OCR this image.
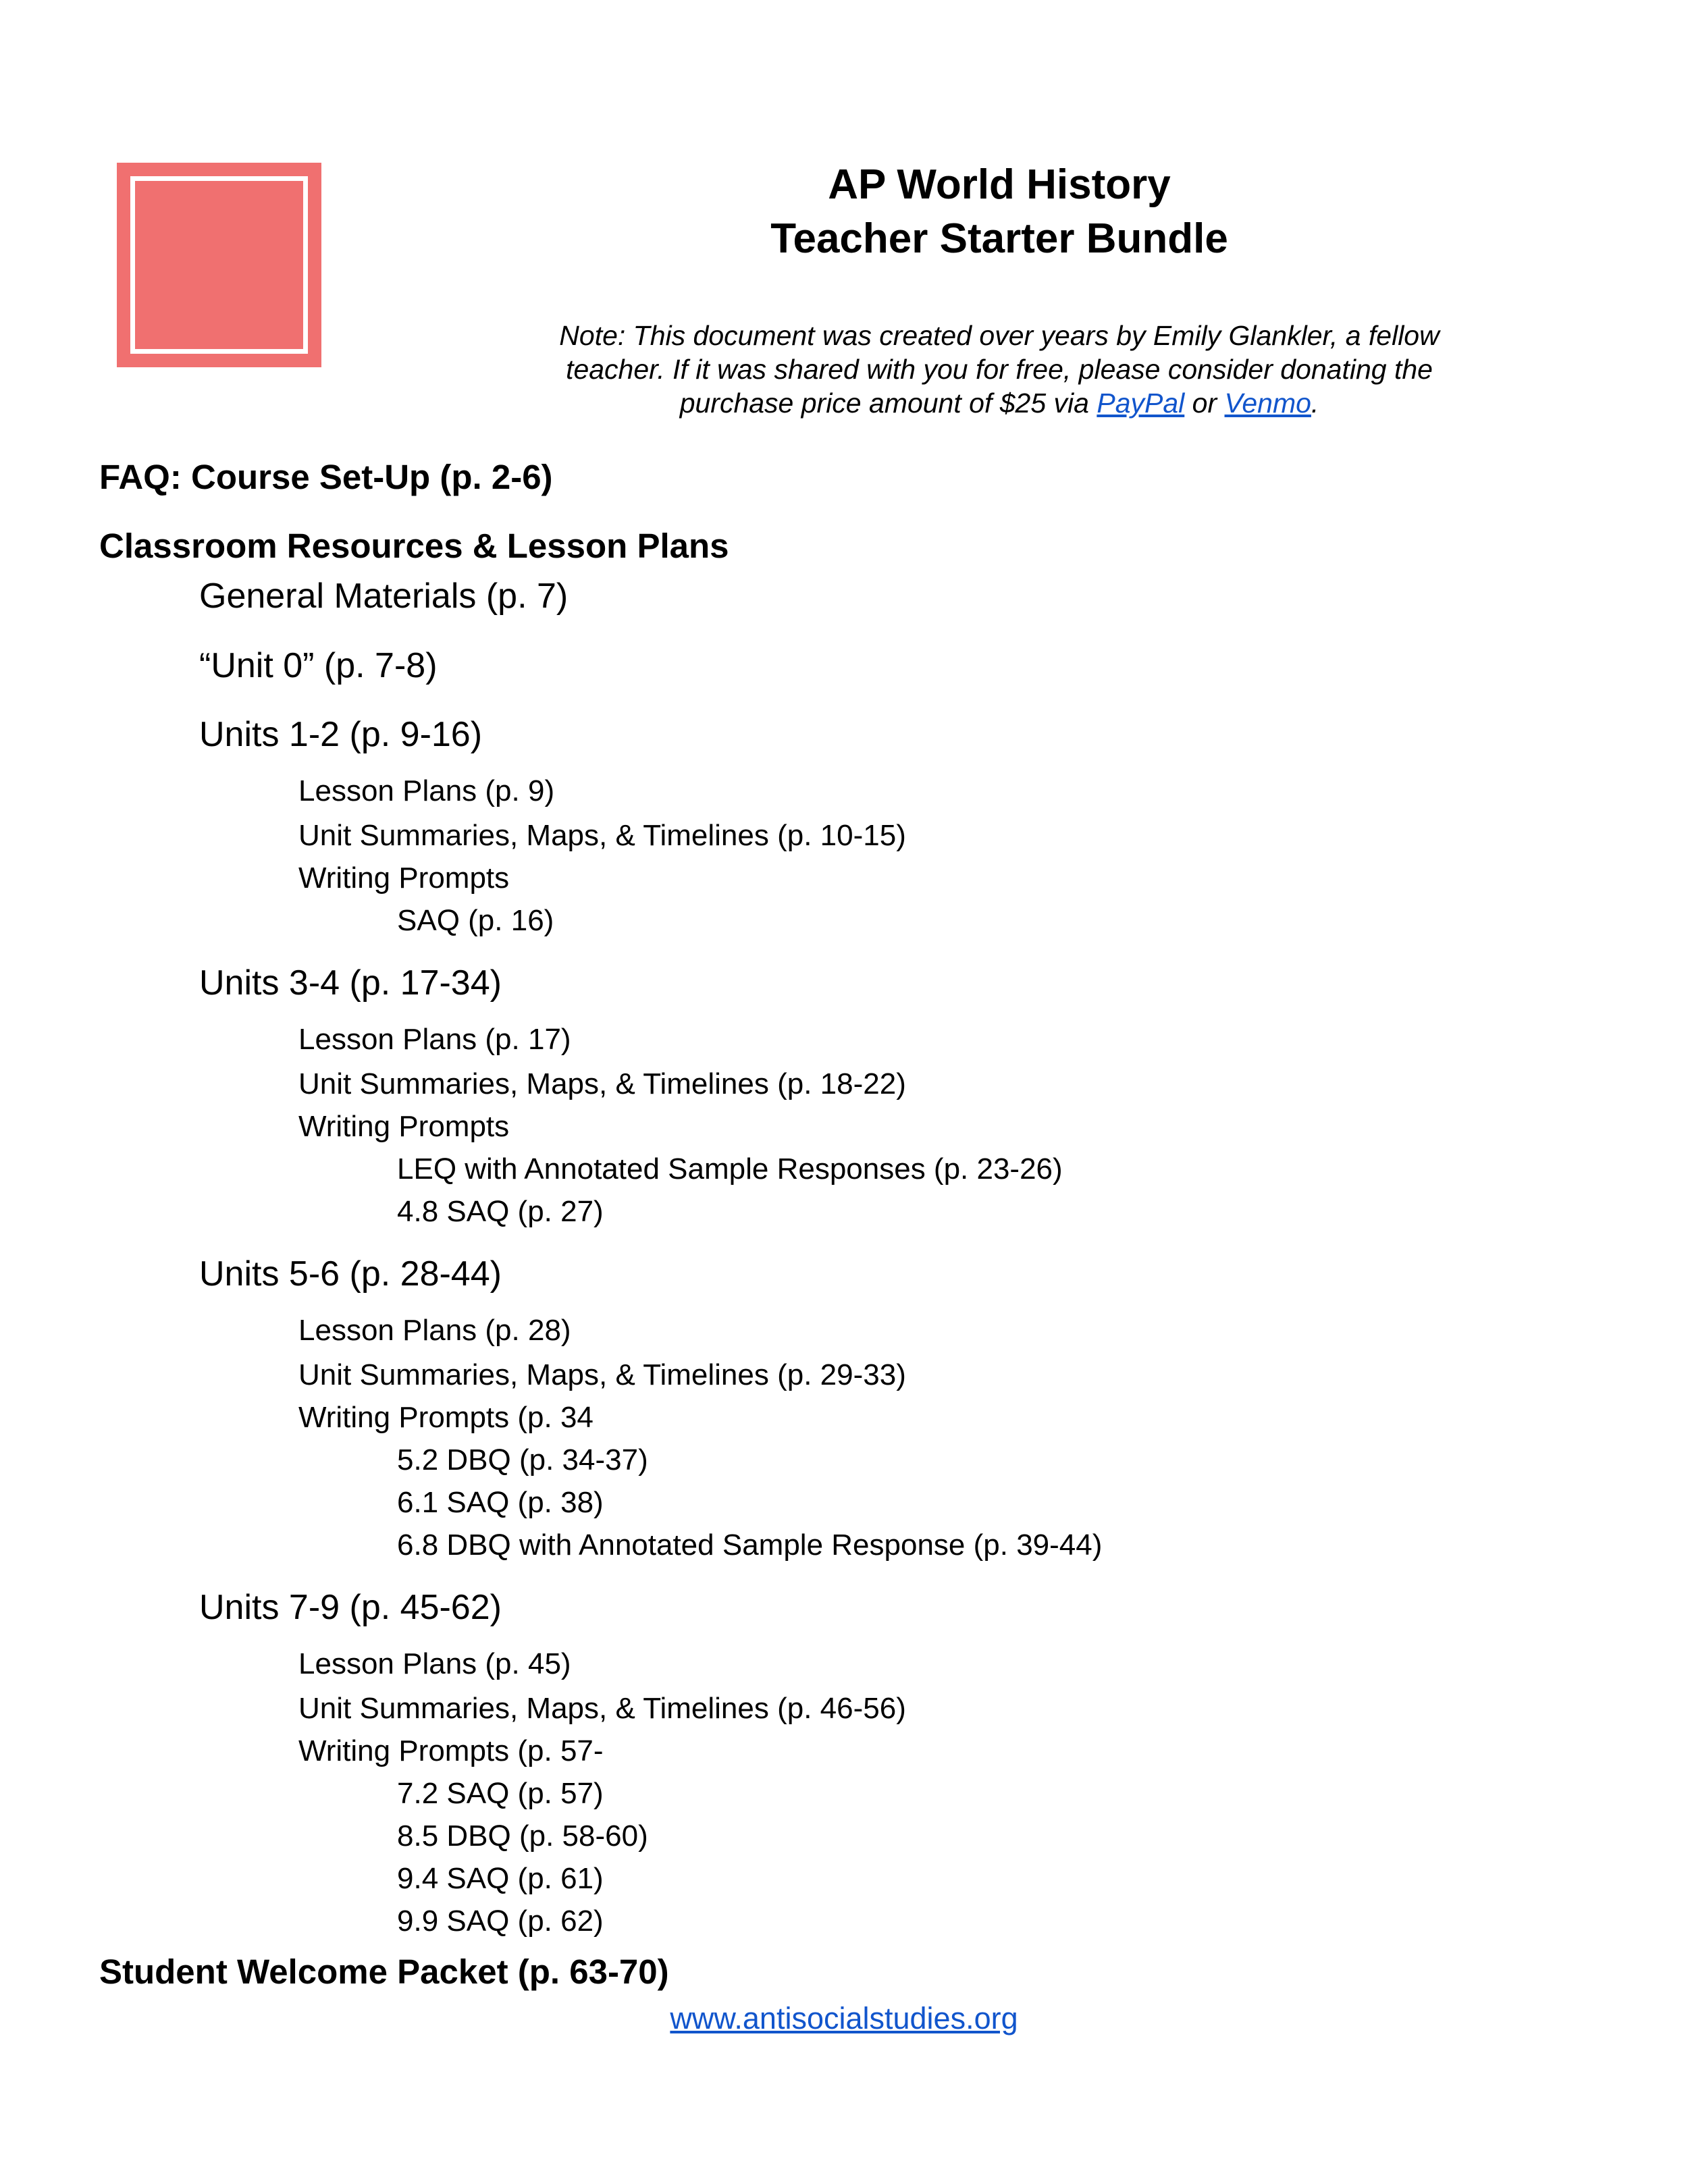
ANTI-
social
studies
AP World History
Teacher Starter Bundle
Note: This document was created over years by Emily Glankler, a fellow
teacher. If it was shared with you for free, please consider donating the
purchase price amount of $25 via PayPal or Venmo.
FAQ: Course Set-Up (p. 2-6)
Classroom Resources & Lesson Plans
General Materials (p. 7)
“Unit 0” (p. 7-8)
Units 1-2 (p. 9-16)
Lesson Plans (p. 9)
Unit Summaries, Maps, & Timelines (p. 10-15)
Writing Prompts
SAQ (p. 16)
Units 3-4 (p. 17-34)
Lesson Plans (p. 17)
Unit Summaries, Maps, & Timelines (p. 18-22)
Writing Prompts
LEQ with Annotated Sample Responses (p. 23-26)
4.8 SAQ (p. 27)
Units 5-6 (p. 28-44)
Lesson Plans (p. 28)
Unit Summaries, Maps, & Timelines (p. 29-33)
Writing Prompts (p. 34
5.2 DBQ (p. 34-37)
6.1 SAQ (p. 38)
6.8 DBQ with Annotated Sample Response (p. 39-44)
Units 7-9 (p. 45-62)
Lesson Plans (p. 45)
Unit Summaries, Maps, & Timelines (p. 46-56)
Writing Prompts (p. 57-
7.2 SAQ (p. 57)
8.5 DBQ (p. 58-60)
9.4 SAQ (p. 61)
9.9 SAQ (p. 62)
Student Welcome Packet (p. 63-70)
www.antisocialstudies.org
